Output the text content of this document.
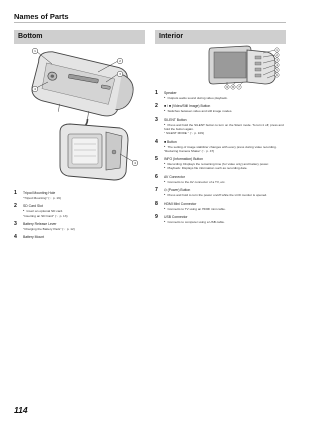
Names of Parts
Bottom
1
2
3
4
4
1	Tripod Mounting Hole
"Tripod Mounting" (☞ p. 19)
2	SD Card Slot
● Insert an optional SD card.
"Inserting an SD Card" (☞ p. 13)
3	Battery Release Lever
"Charging the Battery Pack" (☞ p. 12)
4	Battery Mount
Interior
1
2
3
4
5
6
9 8 7
1	Speaker
● Outputs audio sound during video playback.
2	■ / ■ (Video/Still Image) Button
● Switches between video and still image modes.
3	SILENT Button
● Press and hold the SILENT button to turn on the Silent mode. To turn it off, press and hold the button again.
" SILENT MODE " (☞ p. 109)
4	■ Button
● The setting of image stabilizer changes with every press during video recording.
"Reducing Camera Shake" (☞ p. 47)
5	INFO (Information) Button
● Recording: Displays the remaining time (for video only) and battery power.
● Playback: Displays file information such as recording date.
6	AV Connector
● Connects to the AV connector of a TV, etc.
7	⏻ (Power) Button
● Press and hold to turn the power on/off while the LCD monitor is opened.
8	HDMI Mini Connector
● Connects to TV using an HDMI mini cable.
9	USB Connector
● Connects to computer using a USB cable.
114
